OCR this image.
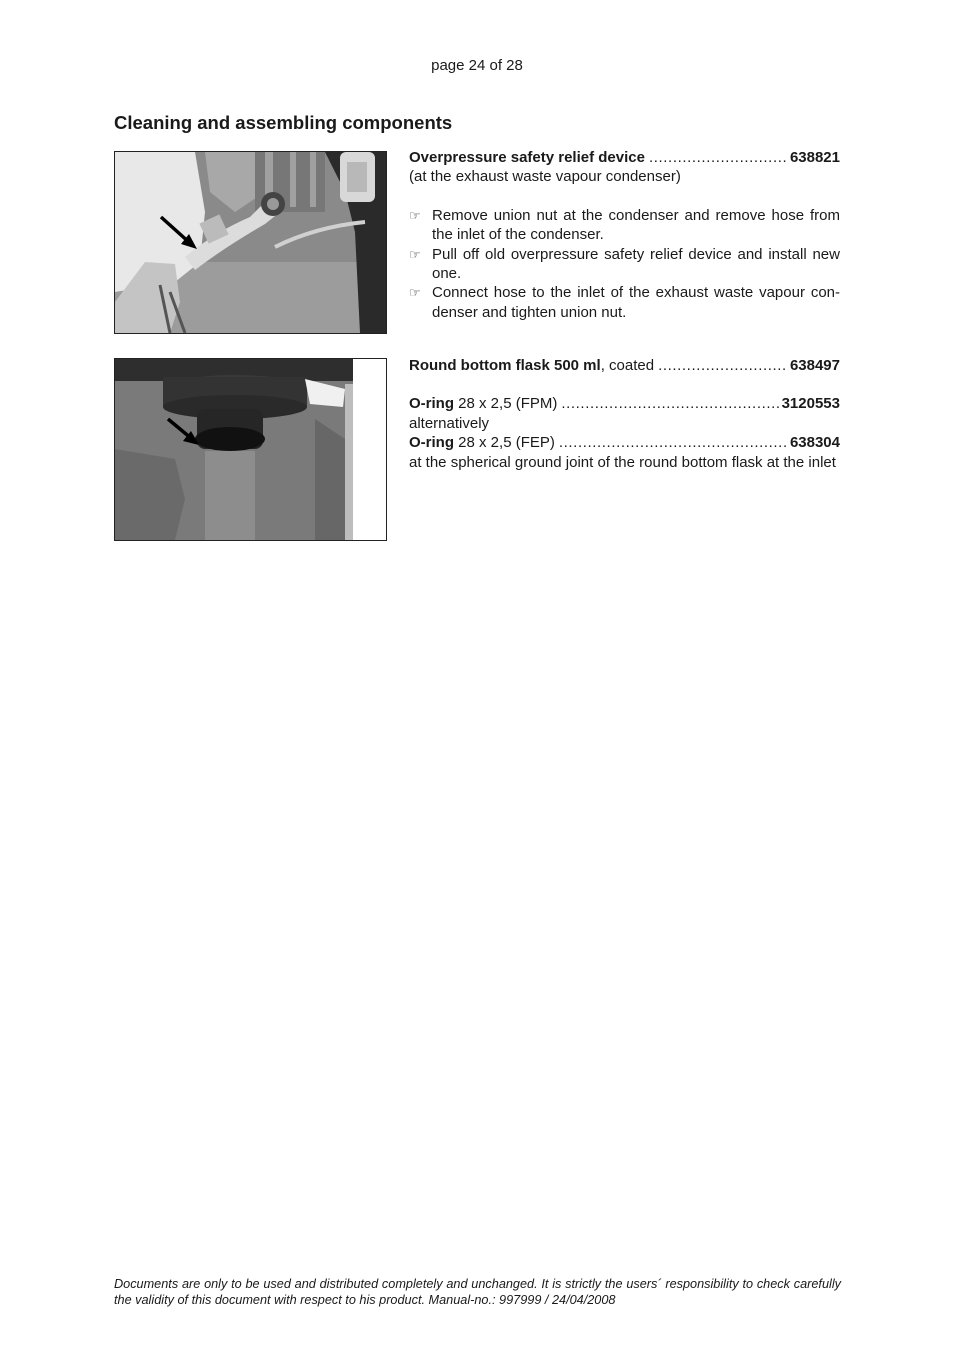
page 24 of 28
Cleaning and assembling components
Overpressure safety relief device .....	638821
(at the exhaust waste vapour condenser)
☞ Remove union nut at the condenser and remove hose from the inlet of the condenser.
☞ Pull off old overpressure safety relief device and install new one.
☞ Connect hose to the inlet of the exhaust waste vapour con-denser and tighten union nut.
Round bottom flask 500 ml , coated .....	638497
O-ring 28 x 2,5 (FPM) .....	3120553
alternatively
O-ring 28 x 2,5 (FEP) .....	638304
at the spherical ground joint of the round bottom flask at the inlet
Documents are only to be used and distributed completely and unchanged. It is strictly the users´ responsibility to check carefully the validity of this document with respect to his product. Manual-no.: 997999 / 24/04/2008
